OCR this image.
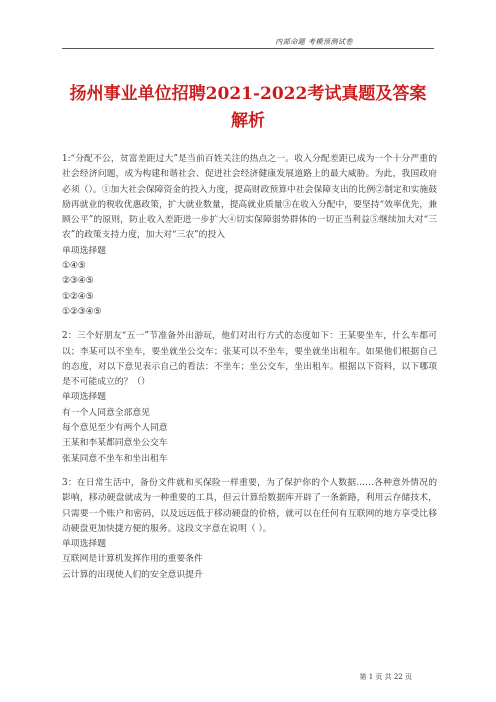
内部命题 考模预测试卷
扬州事业单位招聘2021-2022考试真题及答案解析

1:“分配不公，贫富差距过大”是当前百姓关注的热点之一。收入分配差距已成为一个十分严重的社会经济问题，成为构建和谐社会、促进社会经济健康发展道路上的最大威胁。为此，我国政府必须（）。①加大社会保障资金的投入力度，提高财政预算中社会保障支出的比例②制定和实施鼓励再就业的税收优惠政策，扩大就业数量，提高就业质量③在收入分配中，要坚持“效率优先，兼顾公平”的原则，防止收入差距进一步扩大④切实保障弱势群体的一切正当利益⑤继续加大对“三农”的政策支持力度，加大对“三农”的投入

单项选择题

①④⑤

②③④⑤

①②④⑤

①②③④⑤

2：三个好朋友“五一”节准备外出游玩，他们对出行方式的态度如下：王某要坐车，什么车都可以；李某可以不坐车，要坐就坐公交车；张某可以不坐车，要坐就坐出租车。如果他们根据自己的态度，对以下意见表示自己的看法：不坐车；坐公交车，坐出租车。根据以下资料，以下哪项是不可能成立的？（）

单项选择题

有一个人同意全部意见

每个意见至少有两个人同意

王某和李某都同意坐公交车

张某同意不坐车和坐出租车

3：在日常生活中，备份文件就和买保险一样重要，为了保护你的个人数据……各种意外情况的影响，移动硬盘就成为一种重要的工具，但云计算给数据库开辟了一条新路，利用云存储技术，只需要一个账户和密码，以及远远低于移动硬盘的价格，就可以在任何有互联网的地方享受比移动硬盘更加快捷方便的服务。这段文字意在说明（ ）。

单项选择题

互联网是计算机发挥作用的重要条件

云计算的出现使人们的安全意识提升

第 1 页 共 22 页
